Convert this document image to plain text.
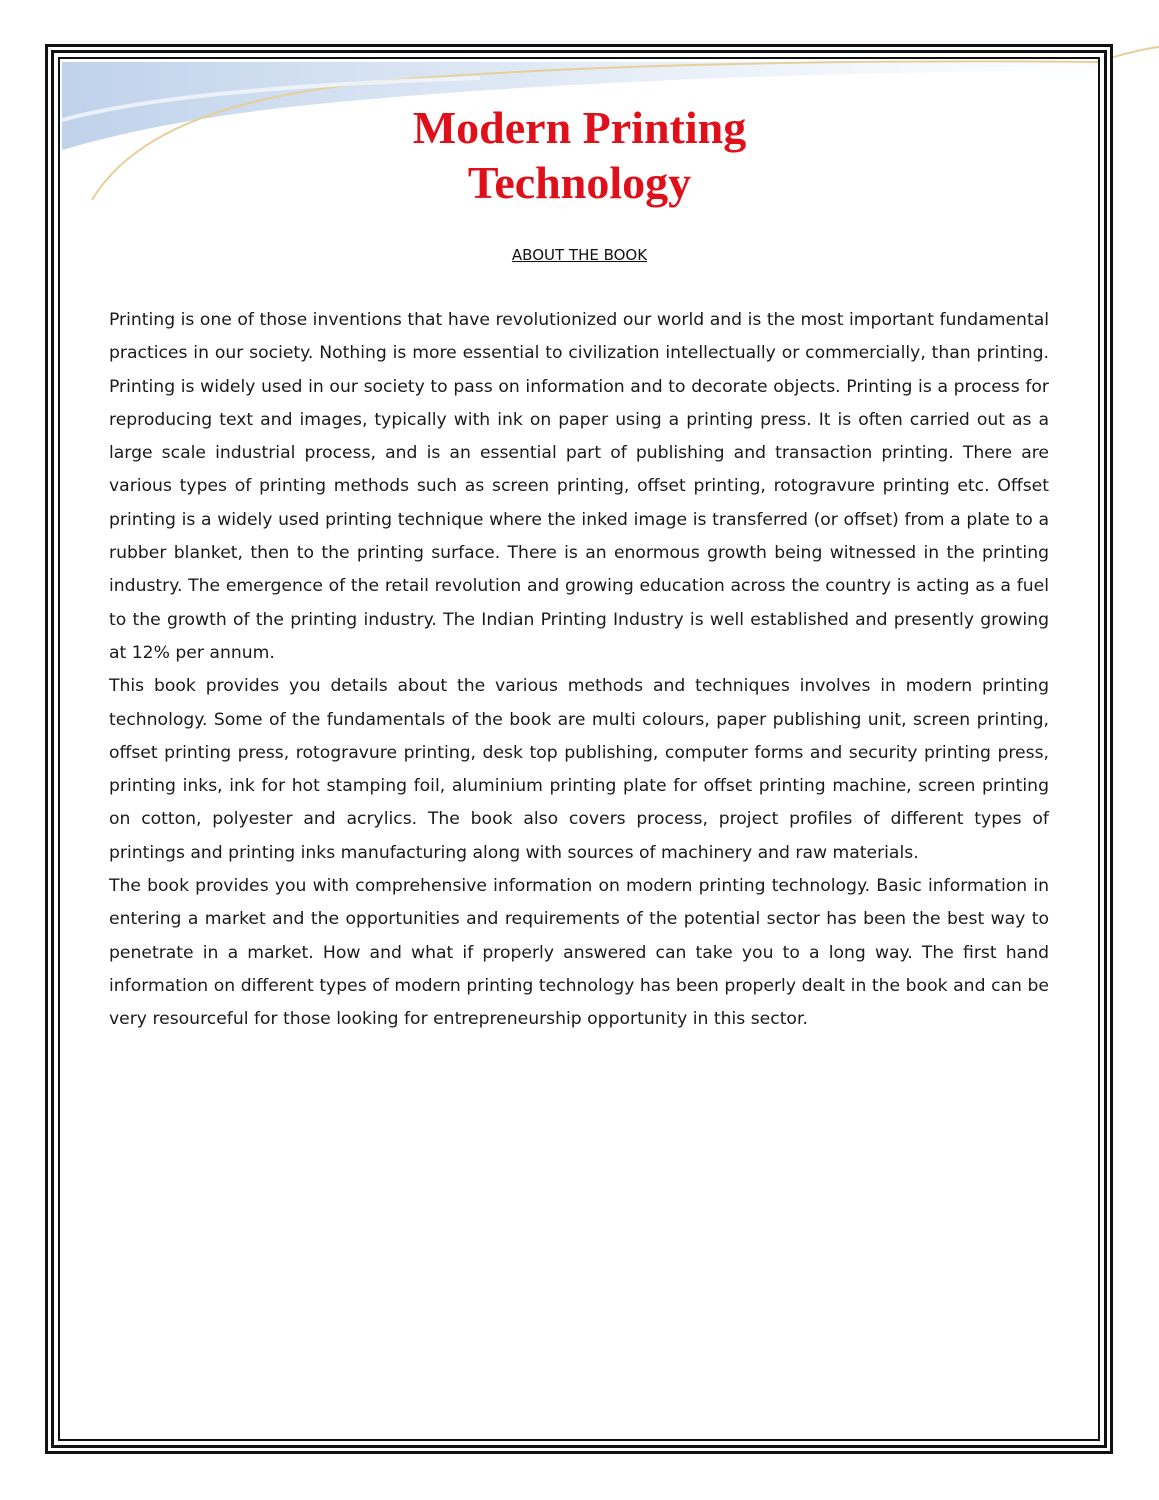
Modern Printing
Technology
ABOUT THE BOOK

Printing is one of those inventions that have revolutionized our world and is the most important fundamental practices in our society. Nothing is more essential to civilization intellectually or commercially, than printing. Printing is widely used in our society to pass on information and to decorate objects. Printing is a process for reproducing text and images, typically with ink on paper using a printing press. It is often carried out as a large scale industrial process, and is an essential part of publishing and transaction printing. There are various types of printing methods such as screen printing, offset printing, rotogravure printing etc. Offset printing is a widely used printing technique where the inked image is transferred (or offset) from a plate to a rubber blanket, then to the printing surface. There is an enormous growth being witnessed in the printing industry. The emergence of the retail revolution and growing education across the country is acting as a fuel to the growth of the printing industry. The Indian Printing Industry is well established and presently growing at 12% per annum.

This book provides you details about the various methods and techniques involves in modern printing technology. Some of the fundamentals of the book are multi colours, paper publishing unit, screen printing, offset printing press, rotogravure printing, desk top publishing, computer forms and security printing press, printing inks, ink for hot stamping foil, aluminium printing plate for offset printing machine, screen printing on cotton, polyester and acrylics. The book also covers process, project profiles of different types of printings and printing inks manufacturing along with sources of machinery and raw materials.

The book provides you with comprehensive information on modern printing technology. Basic information in entering a market and the opportunities and requirements of the potential sector has been the best way to penetrate in a market. How and what if properly answered can take you to a long way. The first hand information on different types of modern printing technology has been properly dealt in the book and can be very resourceful for those looking for entrepreneurship opportunity in this sector.
